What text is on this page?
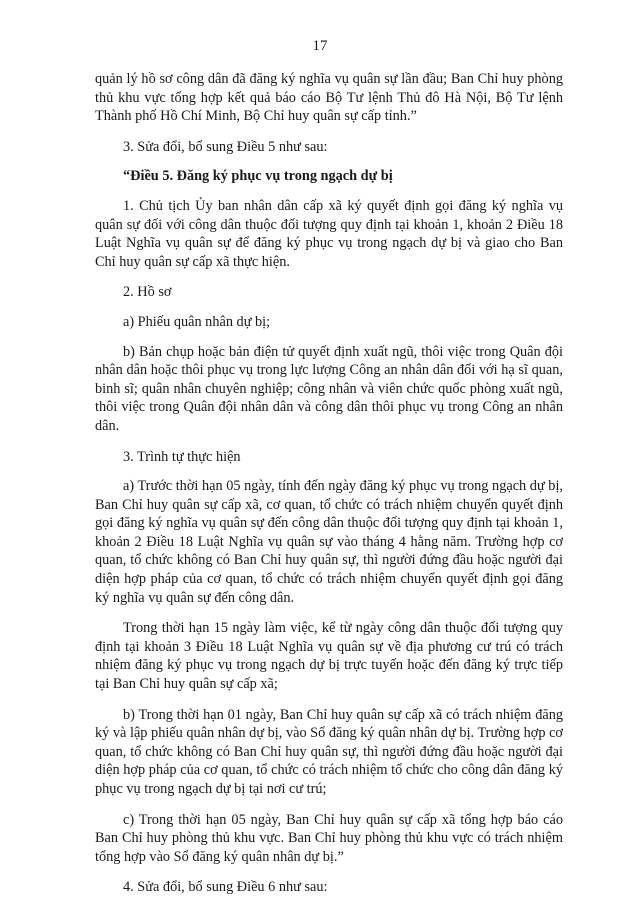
17

quản lý hồ sơ công dân đã đăng ký nghĩa vụ quân sự lần đầu; Ban Chỉ huy phòng thủ khu vực tổng hợp kết quả báo cáo Bộ Tư lệnh Thủ đô Hà Nội, Bộ Tư lệnh Thành phố Hồ Chí Minh, Bộ Chỉ huy quân sự cấp tỉnh.”

3. Sửa đổi, bổ sung Điều 5 như sau:

“Điều 5. Đăng ký phục vụ trong ngạch dự bị

1. Chủ tịch Ủy ban nhân dân cấp xã ký quyết định gọi đăng ký nghĩa vụ quân sự đối với công dân thuộc đối tượng quy định tại khoản 1, khoản 2 Điều 18 Luật Nghĩa vụ quân sự để đăng ký phục vụ trong ngạch dự bị và giao cho Ban Chỉ huy quân sự cấp xã thực hiện.

2. Hồ sơ

a) Phiếu quân nhân dự bị;

b) Bản chụp hoặc bản điện tử quyết định xuất ngũ, thôi việc trong Quân đội nhân dân hoặc thôi phục vụ trong lực lượng Công an nhân dân đối với hạ sĩ quan, binh sĩ; quân nhân chuyên nghiệp; công nhân và viên chức quốc phòng xuất ngũ, thôi việc trong Quân đội nhân dân và công dân thôi phục vụ trong Công an nhân dân.

3. Trình tự thực hiện

a) Trước thời hạn 05 ngày, tính đến ngày đăng ký phục vụ trong ngạch dự bị, Ban Chỉ huy quân sự cấp xã, cơ quan, tổ chức có trách nhiệm chuyển quyết định gọi đăng ký nghĩa vụ quân sự đến công dân thuộc đối tượng quy định tại khoản 1, khoản 2 Điều 18 Luật Nghĩa vụ quân sự vào tháng 4 hằng năm. Trường hợp cơ quan, tổ chức không có Ban Chỉ huy quân sự, thì người đứng đầu hoặc người đại diện hợp pháp của cơ quan, tổ chức có trách nhiệm chuyển quyết định gọi đăng ký nghĩa vụ quân sự đến công dân.

Trong thời hạn 15 ngày làm việc, kể từ ngày công dân thuộc đối tượng quy định tại khoản 3 Điều 18 Luật Nghĩa vụ quân sự về địa phương cư trú có trách nhiệm đăng ký phục vụ trong ngạch dự bị trực tuyến hoặc đến đăng ký trực tiếp tại Ban Chỉ huy quân sự cấp xã;

b) Trong thời hạn 01 ngày, Ban Chỉ huy quân sự cấp xã có trách nhiệm đăng ký và lập phiếu quân nhân dự bị, vào Sổ đăng ký quân nhân dự bị. Trường hợp cơ quan, tổ chức không có Ban Chỉ huy quân sự, thì người đứng đầu hoặc người đại diện hợp pháp của cơ quan, tổ chức có trách nhiệm tổ chức cho công dân đăng ký phục vụ trong ngạch dự bị tại nơi cư trú;

c) Trong thời hạn 05 ngày, Ban Chỉ huy quân sự cấp xã tổng hợp báo cáo Ban Chỉ huy phòng thủ khu vực. Ban Chỉ huy phòng thủ khu vực có trách nhiệm tổng hợp vào Sổ đăng ký quân nhân dự bị.”

4. Sửa đổi, bổ sung Điều 6 như sau:
